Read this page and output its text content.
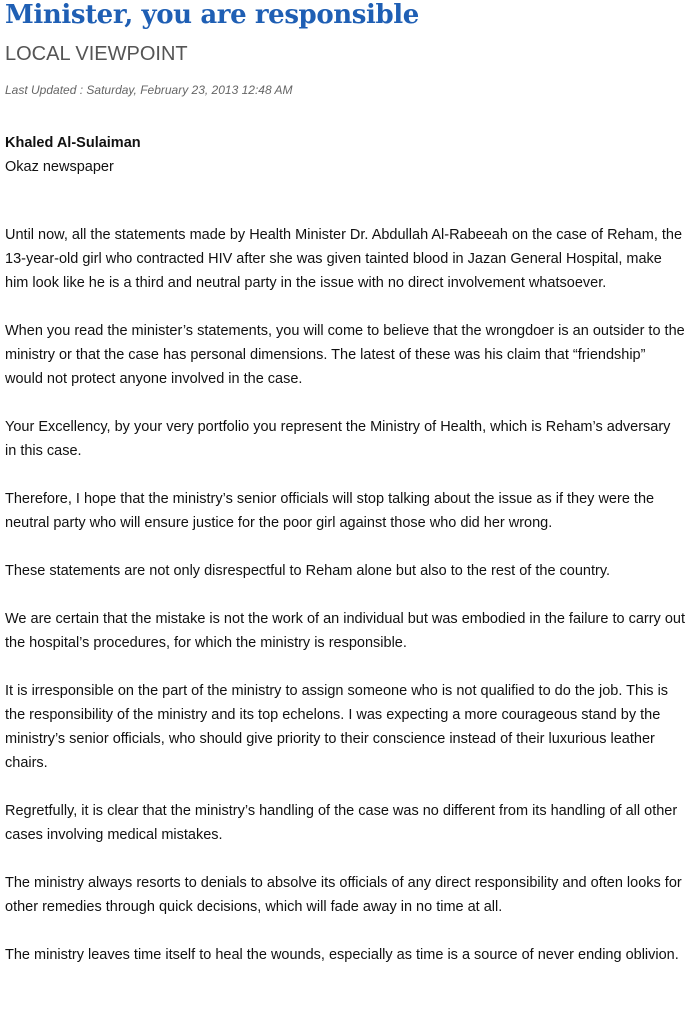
Minister, you are responsible
LOCAL VIEWPOINT
Last Updated : Saturday, February 23, 2013 12:48 AM
Khaled Al-Sulaiman
Okaz newspaper

Until now, all the statements made by Health Minister Dr. Abdullah Al-Rabeeah on the case of Reham, the 13-year-old girl who contracted HIV after she was given tainted blood in Jazan General Hospital, make him look like he is a third and neutral party in the issue with no direct involvement whatsoever.

When you read the minister’s statements, you will come to believe that the wrongdoer is an outsider to the ministry or that the case has personal dimensions. The latest of these was his claim that “friendship” would not protect anyone involved in the case.

Your Excellency, by your very portfolio you represent the Ministry of Health, which is Reham’s adversary in this case.

Therefore, I hope that the ministry’s senior officials will stop talking about the issue as if they were the neutral party who will ensure justice for the poor girl against those who did her wrong.

These statements are not only disrespectful to Reham alone but also to the rest of the country.

We are certain that the mistake is not the work of an individual but was embodied in the failure to carry out the hospital’s procedures, for which the ministry is responsible.

It is irresponsible on the part of the ministry to assign someone who is not qualified to do the job. This is the responsibility of the ministry and its top echelons. I was expecting a more courageous stand by the ministry’s senior officials, who should give priority to their conscience instead of their luxurious leather chairs.

Regretfully, it is clear that the ministry’s handling of the case was no different from its handling of all other cases involving medical mistakes.

The ministry always resorts to denials to absolve its officials of any direct responsibility and often looks for other remedies through quick decisions, which will fade away in no time at all.

The ministry leaves time itself to heal the wounds, especially as time is a source of never ending oblivion.
